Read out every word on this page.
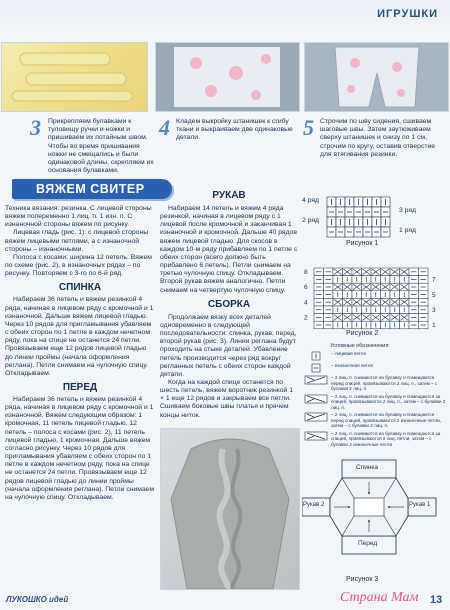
ИГРУШКИ
3 Прикрепляем булавками к туловищу ручки и ножки и пришиваем их потайным швом. Чтобы во время пришивания ножки не смещались и были одинаковой длины, скрепляем их основания булавками.
4 Кладем выкройку штанишек к сгибу ткани и выкраиваем две одинаковые детали.	5 Строчим по шву сидения, сшиваем шаговые швы. Затем заутюживаем сверху штанишек и снизу по 1 см, строчим по кругу, оставив отверстие для втягивания резинки.
ВЯЖЕМ СВИТЕР

Техника вязания: резинка. С лицевой стороны вяжем попеременно 1 лиц. п. 1 изн. п. С изнаночной стороны вяжем по рисунку.

Лицевая гладь (рис. 1): с лицевой стороны вяжем лицевыми петлями, а с изнаночной стороны – изнаночными.

Полоса с косами: ширина 12 петель. Вяжем по схеме (рис. 2), в изнаночных рядах – по рисунку. Повторяем с 3-го по 6-й ряд.

СПИНКА

Набираем 36 петель и вяжем резинкой 4 ряда, начиная в лицевом ряду с кромочной и 1 изнаночной. Дальше вяжем лицевой гладью. Через 10 рядов для пригламывания убавляем с обеих сторон по 1 петле в каждом нечетном ряду, пока на спице не останется 24 петли. Провязываем еще 12 рядов лицевой гладью до линии проймы (начала оформления реглана). Петли снимаем на чулочную спицу. Откладываем.

ПЕРЕД

Набираем 36 петель и вяжем резинкой 4 ряда, начиная в лицевом ряду с кромочной и 1 изнаночной. Вяжем следующим образом: 1 кромочная, 11 петель лицевой гладью, 12 петель – полоса с косами (рис. 2), 11 петель лицевой гладью, 1 кромочная. Дальше вяжем согласно рисунку. Через 10 рядов для пригламывания убавляем с обеих сторон по 1 петле в каждом нечетном ряду, пока на спице не останется 24 петли. Провязываем еще 12 рядов лицевой гладью до линии проймы (начала оформления реглана). Петли снимаем на чулочную спицу. Откладываем.

РУКАВ

Набираем 14 петель и вяжем 4 ряда резинкой, начиная в лицевом ряду с 1 лицевой после кромочной и заканчивая 1 изнаночной и кромочной. Дальше 40 рядов вяжем лицевой гладью. Для скосов в каждом 10-м ряду прибавляем по 1 петле с обеих сторон (всего должно быть прибавлено 6 петель). Петли снимаем на третью чулочную спицу. Откладываем. Второй рукав вяжем аналогично. Петли снимаем на четвертую чулочную спицу.

СБОРКА

Продолжаем вязку всех деталей одновременно в следующей последовательности: спинка, рукав, перед, второй рукав (рис. 3). Линии реглана будут проходить на стыке деталей. Убавление петель производится через ряд вокруг регланных петель с обеих сторон каждой детали.

Когда на каждой спице останется по шесть петель, вяжем воротник резинкой 1 × 1 еще 12 рядов и закрываем все петли. Сшиваем боковые швы платья и прячем концы ниток.

4 ряд
3 ряд
2 ряд
1 ряд
Рисунок 1
8
7
6
5
4
3
2
1
Рисунок 2
Условные обозначения:
– лицевая петля
– изнаночная петля
– 2 лиц. п. снимаются на булавку и помещаются перед спицей, провязываются 2 лиц. п., затем – с булавки 2 лиц. п.
– 2 лиц. п. снимаются на булавку и помещаются за спицей, провязываются 2 лиц. п., затем – с булавки 2 лиц. п.
– 2 лиц. п. снимаются на булавку и помещаются перед спицей, провязываются 2 изнаночные петли, затем – с булавки 2 лиц. п.
– 2 лиц. п. снимаются на булавку и помещаются за спицей, провязываются 2 лиц. петли, затем – с булавки 2 изнаночные петли
Спинка
Перед
Рукав 2	Рукав 1
Рисунок 3
ЛУКОШКО идей	Страна Мам 13
